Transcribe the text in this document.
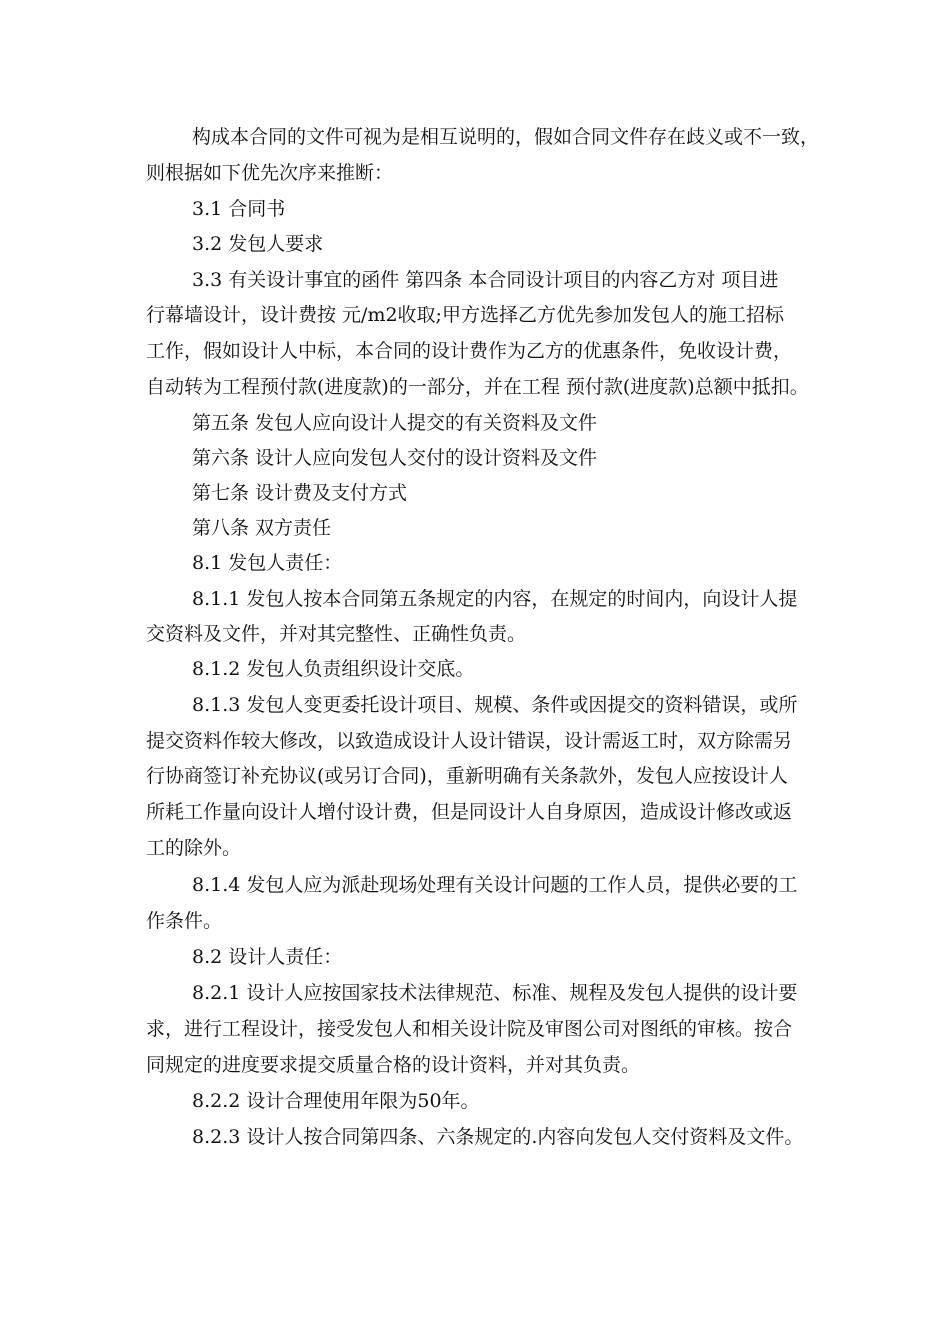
构成本合同的文件可视为是相互说明的，假如合同文件存在歧义或不一致，
则根据如下优先次序来推断：
3.1 合同书
3.2 发包人要求
3.3 有关设计事宜的函件 第四条 本合同设计项目的内容乙方对 项目进
行幕墙设计，设计费按 元/m2收取;甲方选择乙方优先参加发包人的施工招标
工作，假如设计人中标，本合同的设计费作为乙方的优惠条件，免收设计费，
自动转为工程预付款(进度款)的一部分，并在工程 预付款(进度款)总额中抵扣。
第五条 发包人应向设计人提交的有关资料及文件
第六条 设计人应向发包人交付的设计资料及文件
第七条 设计费及支付方式
第八条 双方责任
8.1 发包人责任：
8.1.1 发包人按本合同第五条规定的内容，在规定的时间内，向设计人提
交资料及文件，并对其完整性、正确性负责。
8.1.2 发包人负责组织设计交底。
8.1.3 发包人变更委托设计项目、规模、条件或因提交的资料错误，或所
提交资料作较大修改，以致造成设计人设计错误，设计需返工时，双方除需另
行协商签订补充协议(或另订合同)，重新明确有关条款外，发包人应按设计人
所耗工作量向设计人增付设计费，但是同设计人自身原因，造成设计修改或返
工的除外。
8.1.4 发包人应为派赴现场处理有关设计问题的工作人员，提供必要的工
作条件。
8.2 设计人责任：
8.2.1 设计人应按国家技术法律规范、标准、规程及发包人提供的设计要
求，进行工程设计，接受发包人和相关设计院及审图公司对图纸的审核。按合
同规定的进度要求提交质量合格的设计资料，并对其负责。
8.2.2 设计合理使用年限为50年。
8.2.3 设计人按合同第四条、六条规定的.内容向发包人交付资料及文件。
